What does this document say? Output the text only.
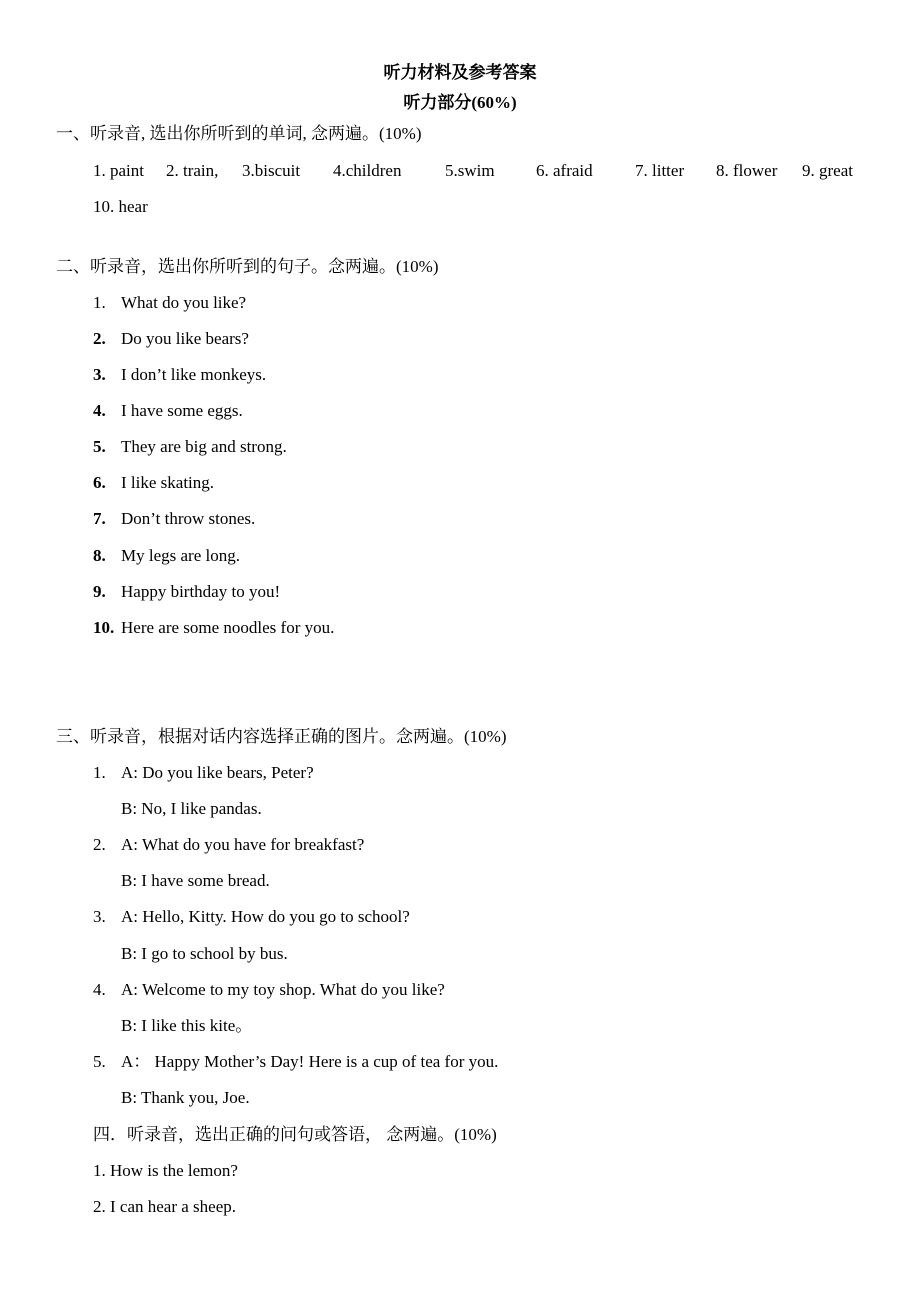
听力材料及参考答案
听力部分(60%)
一、听录音, 选出你所听到的单词, 念两遍。(10%)
1. paint 2. train, 3.biscuit 4.children	5.swim 6. afraid 7. litter 8. flower 9. great
10. hear
二、听录音，选出你所听到的句子。念两遍。(10%)
1. What do you like?
2. Do you like bears?
3. I don’t like monkeys.
4. I have some eggs.
5. They are big and strong.
6. I like skating.
7. Don’t throw stones.
8. My legs are long.
9. Happy birthday to you!
10. Here are some noodles for you.
三、听录音，根据对话内容选择正确的图片。念两遍。(10%)
1. A: Do you like bears, Peter?
B: No, I like pandas.
2. A: What do you have for breakfast?
B: I have some bread.
3. A: Hello, Kitty. How do you go to school?
B: I go to school by bus.
4. A: Welcome to my toy shop. What do you like?
B: I like this kite。
5. A： Happy Mother’s Day! Here is a cup of tea for you.
B: Thank you, Joe.
四．听录音，选出正确的问句或答语， 念两遍。(10%)
1. How is the lemon?
2. I can hear a sheep.
